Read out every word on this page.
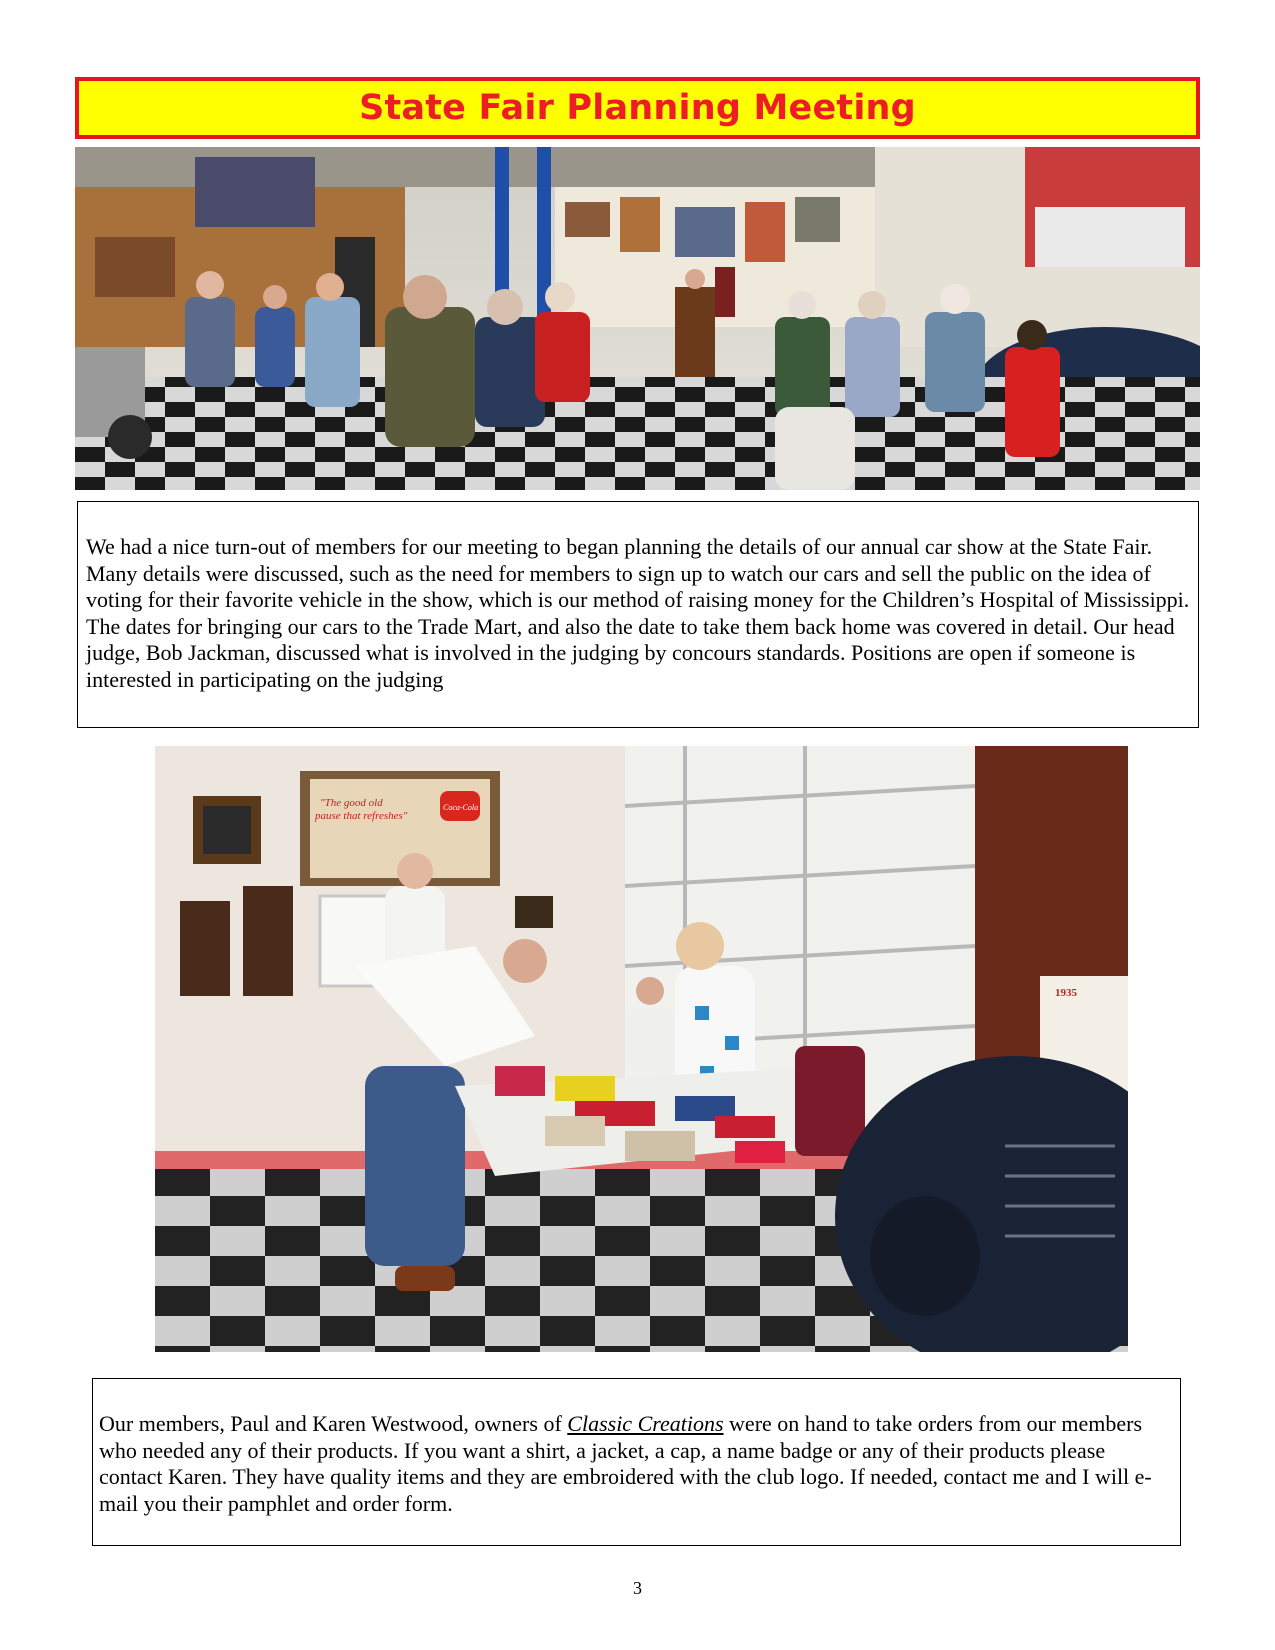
State Fair Planning Meeting

We had a nice turn-out of members for our meeting to began planning the details of our annual car show at the State Fair. Many details were discussed, such as the need for members to sign up to watch our cars and sell the public on the idea of voting for their favorite vehicle in the show, which is our method of raising money for the Children’s Hospital of Mississippi. The dates for bringing our cars to the Trade Mart, and also the date to take them back home was covered in detail. Our head judge, Bob Jackman, discussed what is involved in the judging by concours standards. Positions are open if someone is interested in participating on the judging

"The good old
pause that refreshes"
Coca-Cola
1935

Our members, Paul and Karen Westwood, owners of Classic Creations were on hand to take orders from our members who needed any of their products. If you want a shirt, a jacket, a cap, a name badge or any of their products please contact Karen. They have quality items and they are embroidered with the club logo. If needed, contact me and I will e-mail you their pamphlet and order form.

3
